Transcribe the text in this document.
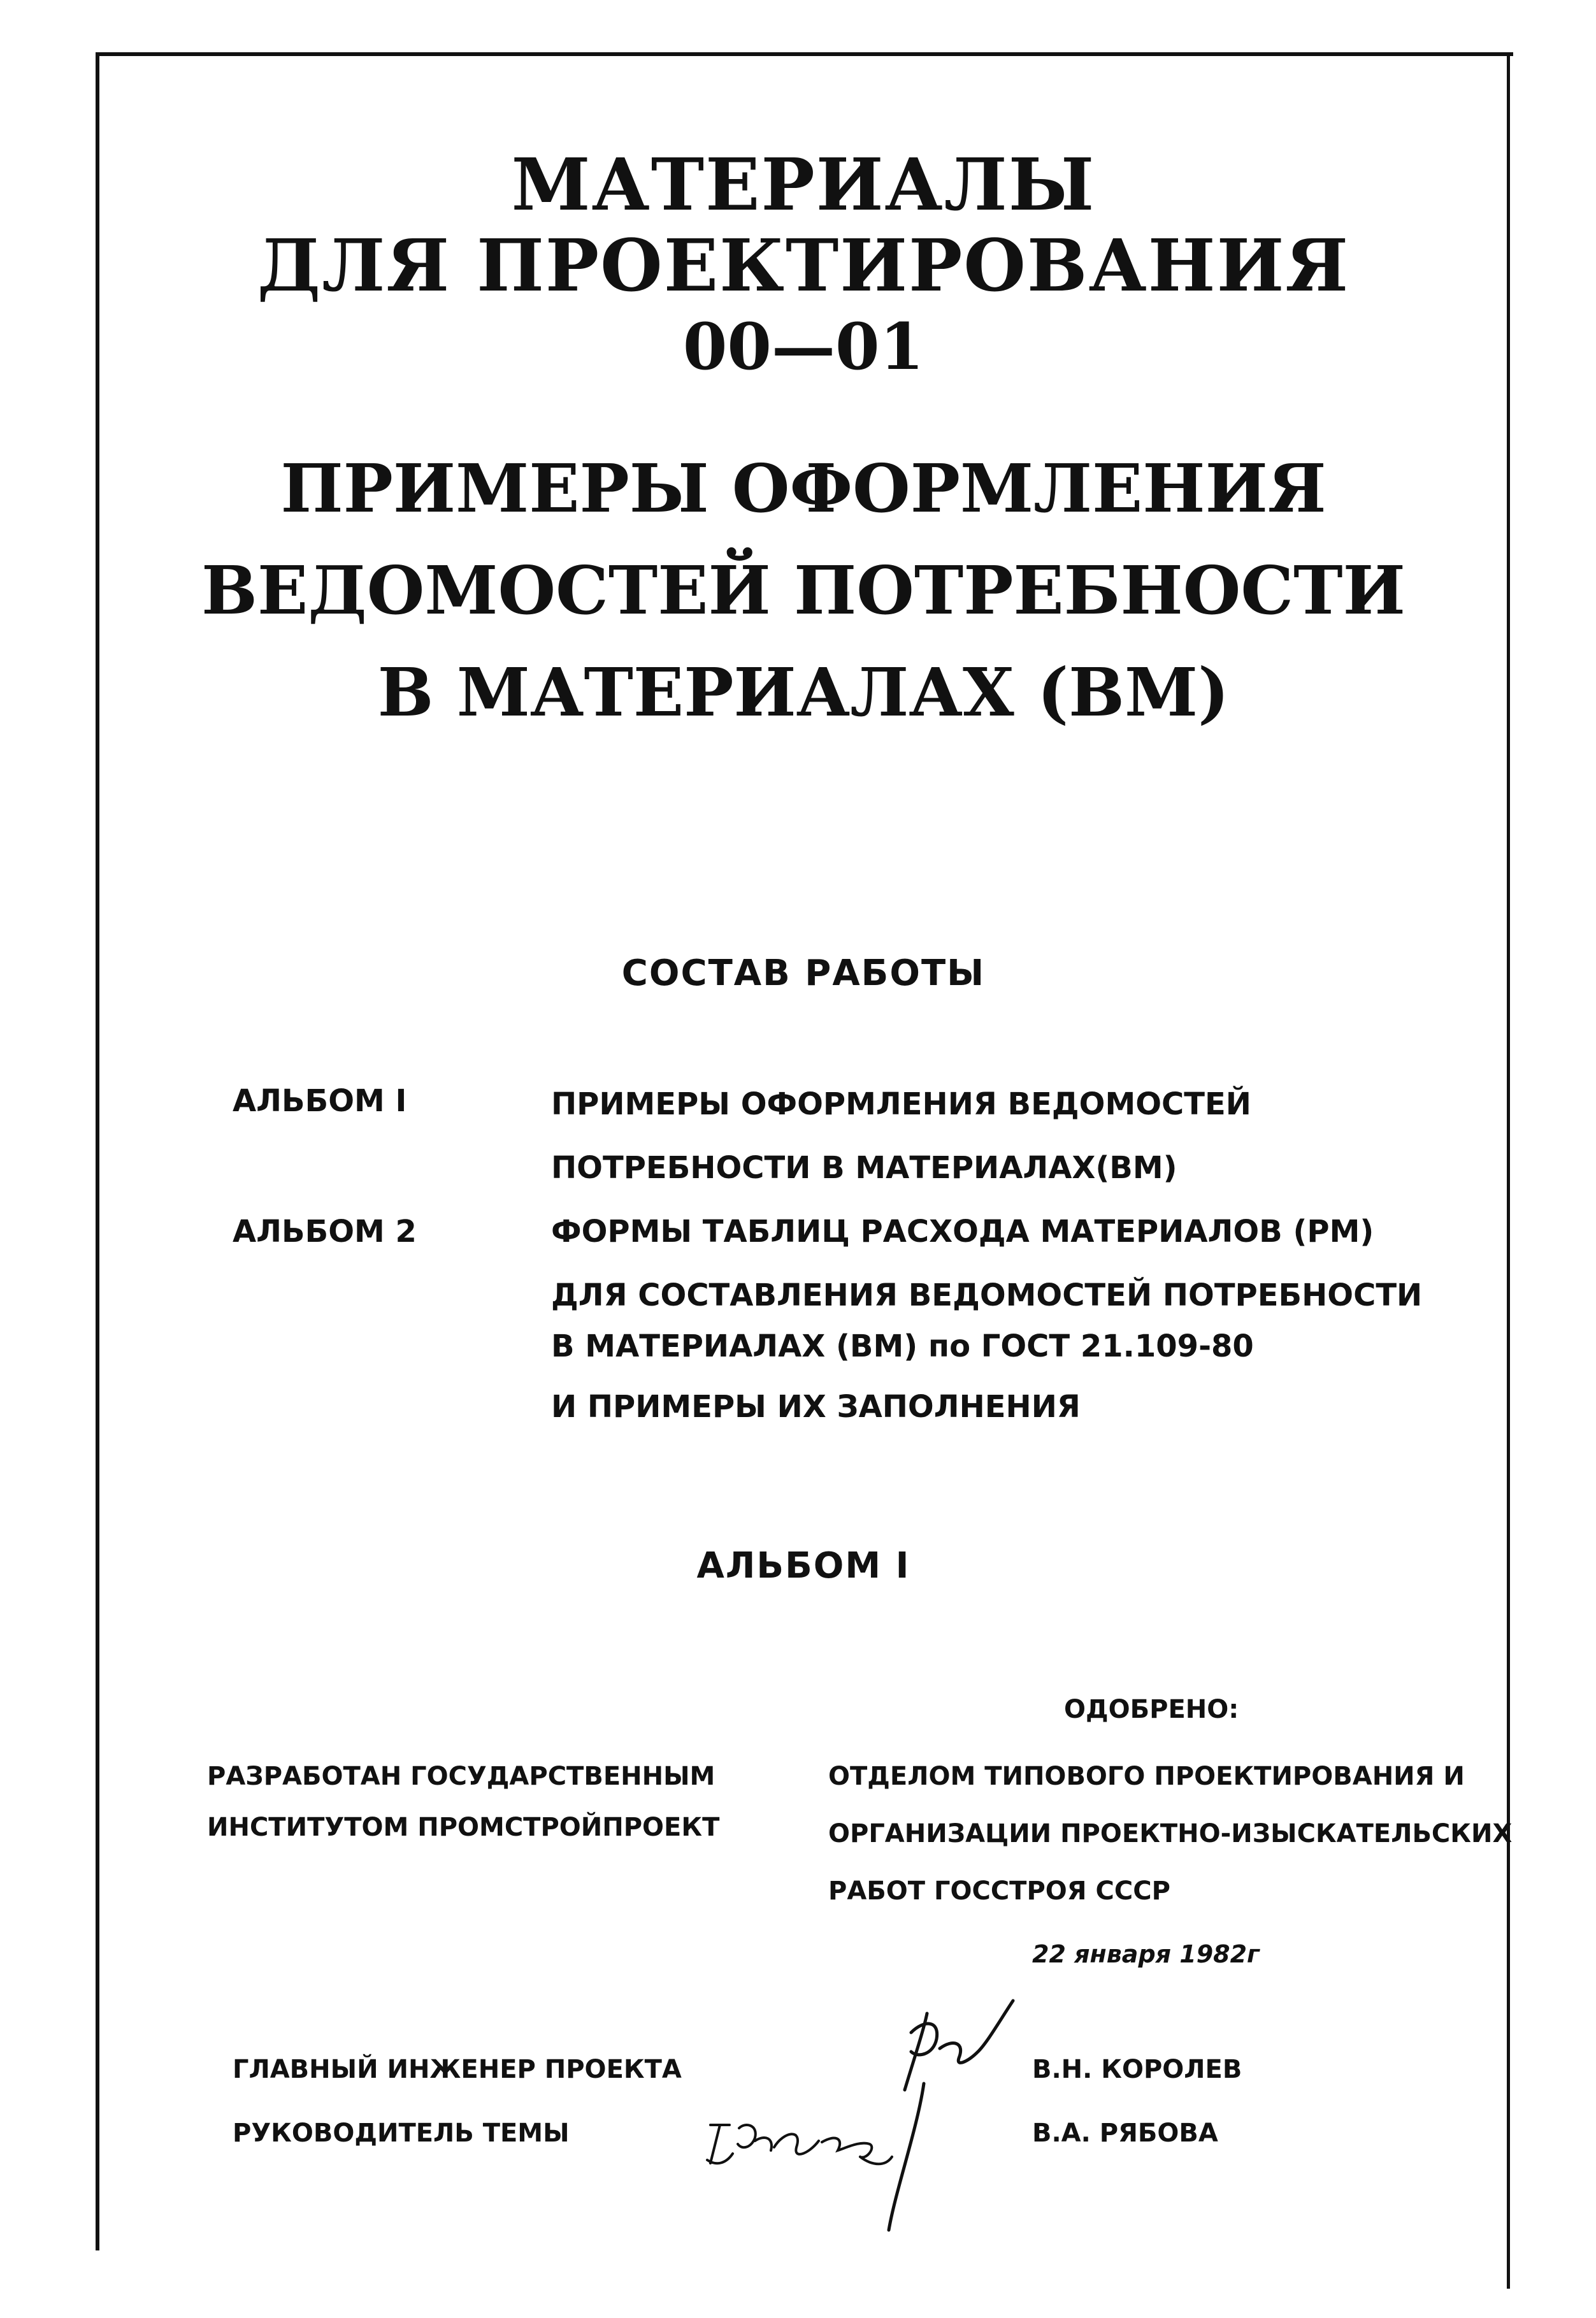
МАТЕРИАЛЫ
ДЛЯ ПРОЕКТИРОВАНИЯ
00—01
ПРИМЕРЫ ОФОРМЛЕНИЯ
ВЕДОМОСТЕЙ ПОТРЕБНОСТИ
В МАТЕРИАЛАХ (ВМ)
СОСТАВ РАБОТЫ
АЛЬБОМ I	ПРИМЕРЫ ОФОРМЛЕНИЯ ВЕДОМОСТЕЙ
ПОТРЕБНОСТИ В МАТЕРИАЛАХ(ВМ)
АЛЬБОМ 2	ФОРМЫ ТАБЛИЦ РАСХОДА МАТЕРИАЛОВ (РМ)
ДЛЯ СОСТАВЛЕНИЯ ВЕДОМОСТЕЙ ПОТРЕБНОСТИ
В МАТЕРИАЛАХ (ВМ) по ГОСТ 21.109-80
И ПРИМЕРЫ ИХ ЗАПОЛНЕНИЯ
АЛЬБОМ I
ОДОБРЕНО:
РАЗРАБОТАН ГОСУДАРСТВЕННЫМ
ИНСТИТУТОМ ПРОМСТРОЙПРОЕКТ
ОТДЕЛОМ ТИПОВОГО ПРОЕКТИРОВАНИЯ И
ОРГАНИЗАЦИИ ПРОЕКТНО-ИЗЫСКАТЕЛЬСКИХ
РАБОТ ГОССТРОЯ СССР
22 января 1982г
ГЛАВНЫЙ ИНЖЕНЕР ПРОЕКТА
РУКОВОДИТЕЛЬ ТЕМЫ
В.Н. КОРОЛЕВ
В.А. РЯБОВА
